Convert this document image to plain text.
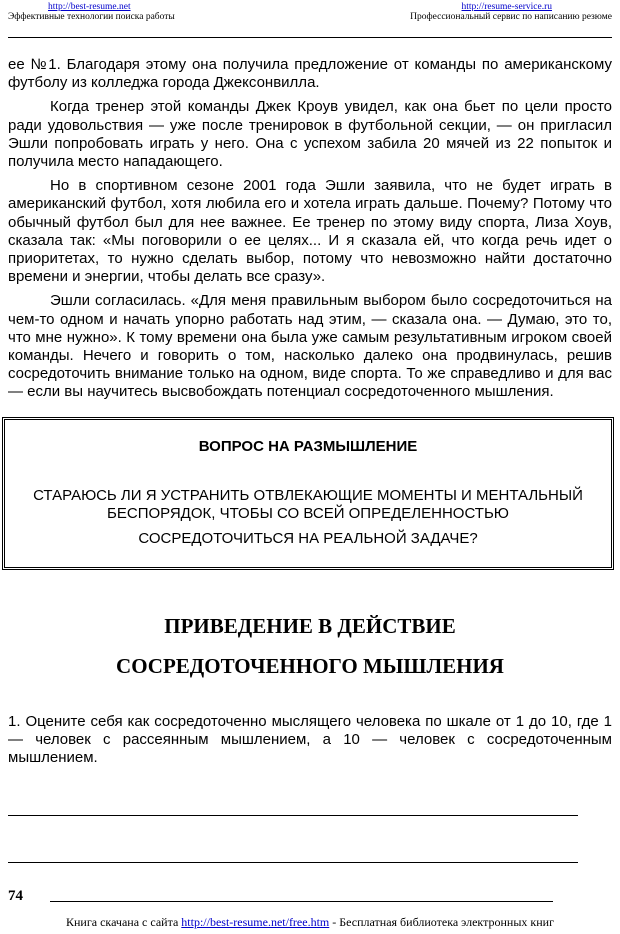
http://best-resume.net
Эффективные технологии поиска работы
http://resume-service.ru
Профессиональный сервис по написанию резюме

ее №1. Благодаря этому она получила предложение от команды по американскому футболу из колледжа города Джексонвилла.

Когда тренер этой команды Джек Кроув увидел, как она бьет по цели просто ради удовольствия — уже после тренировок в футбольной секции, — он пригласил Эшли попробовать играть у него. Она с успехом забила 20 мячей из 22 попыток и получила место нападающего.

Но в спортивном сезоне 2001 года Эшли заявила, что не будет играть в американский футбол, хотя любила его и хотела играть дальше. Почему? Потому что обычный футбол был для нее важнее. Ее тренер по этому виду спорта, Лиза Хоув, сказала так: «Мы поговорили о ее целях... И я сказала ей, что когда речь идет о приоритетах, то нужно сделать выбор, потому что невозможно найти достаточно времени и энергии, чтобы делать все сразу».

Эшли согласилась. «Для меня правильным выбором было сосредоточиться на чем-то одном и начать упорно работать над этим, — сказала она. — Думаю, это то, что мне нужно». К тому времени она была уже самым результативным игроком своей команды. Нечего и говорить о том, насколько далеко она продвинулась, решив сосредоточить внимание только на одном, виде спорта. То же справедливо и для вас — если вы научитесь высвобождать потенциал сосредоточенного мышления.

ВОПРОС НА РАЗМЫШЛЕНИЕ
СТАРАЮСЬ ЛИ Я УСТРАНИТЬ ОТВЛЕКАЮЩИЕ МОМЕНТЫ И МЕНТАЛЬНЫЙ БЕСПОРЯДОК, ЧТОБЫ СО ВСЕЙ ОПРЕДЕЛЕННОСТЬЮ
СОСРЕДОТОЧИТЬСЯ НА РЕАЛЬНОЙ ЗАДАЧЕ?
ПРИВЕДЕНИЕ В ДЕЙСТВИЕ
СОСРЕДОТОЧЕННОГО МЫШЛЕНИЯ

1. Оцените себя как сосредоточенно мыслящего человека по шкале от 1 до 10, где 1 — человек с рассеянным мышлением, а 10 — человек с сосредоточенным мышлением.

74
Книга скачана с сайта http://best-resume.net/free.htm - Бесплатная библиотека электронных книг
